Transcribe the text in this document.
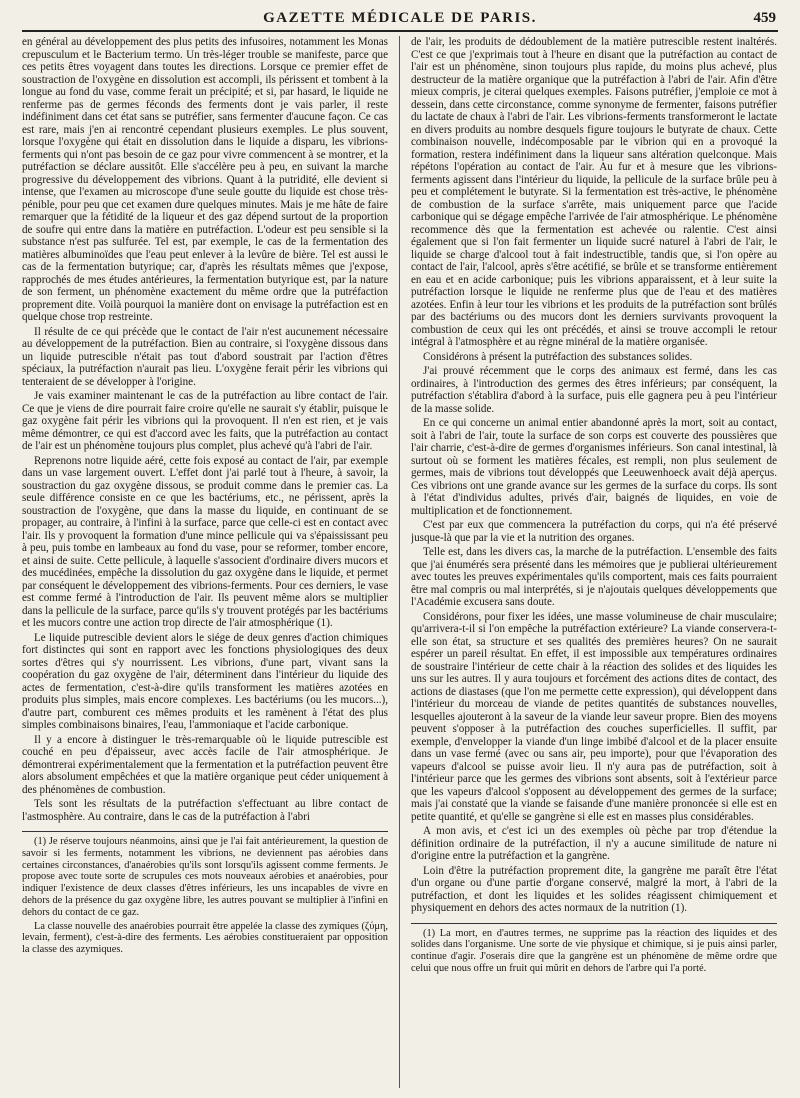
GAZETTE MÉDICALE DE PARIS.	459

en général au développement des plus petits des infusoires, notamment les Monas crepusculum et le Bacterium termo. Un très-léger trouble se manifeste, parce que ces petits êtres voyagent dans toutes les directions. Lorsque ce premier effet de soustraction de l'oxygène en dissolution est accompli, ils périssent et tombent à la longue au fond du vase, comme ferait un précipité; et si, par hasard, le liquide ne renferme pas de germes féconds des ferments dont je vais parler, il reste indéfiniment dans cet état sans se putréfier, sans fermenter d'aucune façon. Ce cas est rare, mais j'en ai rencontré cependant plusieurs exemples. Le plus souvent, lorsque l'oxygène qui était en dissolution dans le liquide a disparu, les vibrions-ferments qui n'ont pas besoin de ce gaz pour vivre commencent à se montrer, et la putréfaction se déclare aussitôt. Elle s'accélère peu à peu, en suivant la marche progressive du développement des vibrions. Quant à la putridité, elle devient si intense, que l'examen au microscope d'une seule goutte du liquide est chose très-pénible, pour peu que cet examen dure quelques minutes. Mais je me hâte de faire remarquer que la fétidité de la liqueur et des gaz dépend surtout de la proportion de soufre qui entre dans la matière en putréfaction. L'odeur est peu sensible si la substance n'est pas sulfurée. Tel est, par exemple, le cas de la fermentation des matières albuminoïdes que l'eau peut enlever à la levûre de bière. Tel est aussi le cas de la fermentation butyrique; car, d'après les résultats mêmes que j'expose, rapprochés de mes études antérieures, la fermentation butyrique est, par la nature de son ferment, un phénomène exactement du même ordre que la putréfaction proprement dite. Voilà pourquoi la manière dont on envisage la putréfaction est en quelque chose trop restreinte.

Il résulte de ce qui précède que le contact de l'air n'est aucunement nécessaire au développement de la putréfaction. Bien au contraire, si l'oxygène dissous dans un liquide putrescible n'était pas tout d'abord soustrait par l'action d'êtres spéciaux, la putréfaction n'aurait pas lieu. L'oxygène ferait périr les vibrions qui tenteraient de se développer à l'origine.

Je vais examiner maintenant le cas de la putréfaction au libre contact de l'air. Ce que je viens de dire pourrait faire croire qu'elle ne saurait s'y établir, puisque le gaz oxygène fait périr les vibrions qui la provoquent. Il n'en est rien, et je vais même démontrer, ce qui est d'accord avec les faits, que la putréfaction au contact de l'air est un phénomène toujours plus complet, plus achevé qu'à l'abri de l'air.

Reprenons notre liquide aéré, cette fois exposé au contact de l'air, par exemple dans un vase largement ouvert. L'effet dont j'ai parlé tout à l'heure, à savoir, la soustraction du gaz oxygène dissous, se produit comme dans le premier cas. La seule différence consiste en ce que les bactériums, etc., ne périssent, après la soustraction de l'oxygène, que dans la masse du liquide, en continuant de se propager, au contraire, à l'infini à la surface, parce que celle-ci est en contact avec l'air. Ils y provoquent la formation d'une mince pellicule qui va s'épaississant peu à peu, puis tombe en lambeaux au fond du vase, pour se reformer, tomber encore, et ainsi de suite. Cette pellicule, à laquelle s'associent d'ordinaire divers mucors et des mucédinées, empêche la dissolution du gaz oxygène dans le liquide, et permet par conséquent le développement des vibrions-ferments. Pour ces derniers, le vase est comme fermé à l'introduction de l'air. Ils peuvent même alors se multiplier dans la pellicule de la surface, parce qu'ils s'y trouvent protégés par les bactériums et les mucors contre une action trop directe de l'air atmosphérique (1).

Le liquide putrescible devient alors le siége de deux genres d'action chimiques fort distinctes qui sont en rapport avec les fonctions physiologiques des deux sortes d'êtres qui s'y nourrissent. Les vibrions, d'une part, vivant sans la coopération du gaz oxygène de l'air, déterminent dans l'intérieur du liquide des actes de fermentation, c'est-à-dire qu'ils transforment les matières azotées en produits plus simples, mais encore complexes. Les bactériums (ou les mucors...), d'autre part, comburent ces mêmes produits et les ramènent à l'état des plus simples combinaisons binaires, l'eau, l'ammoniaque et l'acide carbonique.

Il y a encore à distinguer le très-remarquable où le liquide putrescible est couché en peu d'épaisseur, avec accès facile de l'air atmosphérique. Je démontrerai expérimentalement que la fermentation et la putréfaction peuvent être alors absolument empêchées et que la matière organique peut céder uniquement à des phénomènes de combustion.

Tels sont les résultats de la putréfaction s'effectuant au libre contact de l'astmosphère. Au contraire, dans le cas de la putréfaction à l'abri

(1) Je réserve toujours néanmoins, ainsi que je l'ai fait antérieurement, la question de savoir si les ferments, notamment les vibrions, ne deviennent pas aérobies dans certaines circonstances, d'anaérobies qu'ils sont lorsqu'ils agissent comme ferments. Je propose avec toute sorte de scrupules ces mots nouveaux aérobies et anaérobies, pour indiquer l'existence de deux classes d'êtres inférieurs, les uns incapables de vivre en dehors de la présence du gaz oxygène libre, les autres pouvant se multiplier à l'infini en dehors du contact de ce gaz.

La classe nouvelle des anaérobies pourrait être appelée la classe des zymiques (ζύμη, levain, ferment), c'est-à-dire des ferments. Les aérobies constitueraient par opposition la classe des azymiques.

de l'air, les produits de dédoublement de la matière putrescible restent inaltérés. C'est ce que j'exprimais tout à l'heure en disant que la putréfaction au contact de l'air est un phénomène, sinon toujours plus rapide, du moins plus achevé, plus destructeur de la matière organique que la putréfaction à l'abri de l'air. Afin d'être mieux compris, je citerai quelques exemples. Faisons putréfier, j'emploie ce mot à dessein, dans cette circonstance, comme synonyme de fermenter, faisons putréfier du lactate de chaux à l'abri de l'air. Les vibrions-ferments transformeront le lactate en divers produits au nombre desquels figure toujours le butyrate de chaux. Cette combinaison nouvelle, indécomposable par le vibrion qui en a provoqué la formation, restera indéfiniment dans la liqueur sans altération quelconque. Mais répétons l'opération au contact de l'air. Au fur et à mesure que les vibrions-ferments agissent dans l'intérieur du liquide, la pellicule de la surface brûle peu à peu et complétement le butyrate. Si la fermentation est très-active, le phénomène de combustion de la surface s'arrête, mais uniquement parce que l'acide carbonique qui se dégage empêche l'arrivée de l'air atmosphérique. Le phénomène recommence dès que la fermentation est achevée ou ralentie. C'est ainsi également que si l'on fait fermenter un liquide sucré naturel à l'abri de l'air, le liquide se charge d'alcool tout à fait indestructible, tandis que, si l'on opère au contact de l'air, l'alcool, après s'être acétifié, se brûle et se transforme entièrement en eau et en acide carbonique; puis les vibrions apparaissent, et à leur suite la putréfaction lorsque le liquide ne renferme plus que de l'eau et des matières azotées. Enfin à leur tour les vibrions et les produits de la putréfaction sont brûlés par des bactériums ou des mucors dont les derniers survivants provoquent la combustion de ceux qui les ont précédés, et ainsi se trouve accompli le retour intégral à l'atmosphère et au règne minéral de la matière organisée.

Considérons à présent la putréfaction des substances solides.

J'ai prouvé récemment que le corps des animaux est fermé, dans les cas ordinaires, à l'introduction des germes des êtres inférieurs; par conséquent, la putréfaction s'établira d'abord à la surface, puis elle gagnera peu à peu l'intérieur de la masse solide.

En ce qui concerne un animal entier abandonné après la mort, soit au contact, soit à l'abri de l'air, toute la surface de son corps est couverte des poussières que l'air charrie, c'est-à-dire de germes d'organismes inférieurs. Son canal intestinal, là surtout où se forment les matières fécales, est rempli, non plus seulement de germes, mais de vibrions tout développés que Leeuwenhoeck avait déjà aperçus. Ces vibrions ont une grande avance sur les germes de la surface du corps. Ils sont à l'état d'individus adultes, privés d'air, baignés de liquides, en voie de multiplication et de fonctionnement.

C'est par eux que commencera la putréfaction du corps, qui n'a été préservé jusque-là que par la vie et la nutrition des organes.

Telle est, dans les divers cas, la marche de la putréfaction. L'ensemble des faits que j'ai énumérés sera présenté dans les mémoires que je publierai ultérieurement avec toutes les preuves expérimentales qu'ils comportent, mais ces faits pourraient être mal compris ou mal interprétés, si je n'ajoutais quelques développements que l'Académie excusera sans doute.

Considérons, pour fixer les idées, une masse volumineuse de chair musculaire; qu'arrivera-t-il si l'on empêche la putréfaction extérieure? La viande conservera-t-elle son état, sa structure et ses qualités des premières heures? On ne saurait espérer un pareil résultat. En effet, il est impossible aux températures ordinaires de soustraire l'intérieur de cette chair à la réaction des solides et des liquides les uns sur les autres. Il y aura toujours et forcément des actions dites de contact, des actions de diastases (que l'on me permette cette expression), qui développent dans l'intérieur du morceau de viande de petites quantités de substances nouvelles, lesquelles ajouteront à la saveur de la viande leur saveur propre. Bien des moyens peuvent s'opposer à la putréfaction des couches superficielles. Il suffit, par exemple, d'envelopper la viande d'un linge imbibé d'alcool et de la placer ensuite dans un vase fermé (avec ou sans air, peu importe), pour que l'évaporation des vapeurs d'alcool se puisse avoir lieu. Il n'y aura pas de putréfaction, soit à l'intérieur parce que les germes des vibrions sont absents, soit à l'extérieur parce que les vapeurs d'alcool s'opposent au développement des germes de la surface; mais j'ai constaté que la viande se faisande d'une manière prononcée si elle est en petite quantité, et qu'elle se gangrène si elle est en masses plus considérables.

A mon avis, et c'est ici un des exemples où pèche par trop d'étendue la définition ordinaire de la putréfaction, il n'y a aucune similitude de nature ni d'origine entre la putréfaction et la gangrène.

Loin d'être la putréfaction proprement dite, la gangrène me paraît être l'état d'un organe ou d'une partie d'organe conservé, malgré la mort, à l'abri de la putréfaction, et dont les liquides et les solides réagissent chimiquement et physiquement en dehors des actes normaux de la nutrition (1).

(1) La mort, en d'autres termes, ne supprime pas la réaction des liquides et des solides dans l'organisme. Une sorte de vie physique et chimique, si je puis ainsi parler, continue d'agir. J'oserais dire que la gangrène est un phénomène de même ordre que celui que nous offre un fruit qui mûrit en dehors de l'arbre qui l'a porté.
